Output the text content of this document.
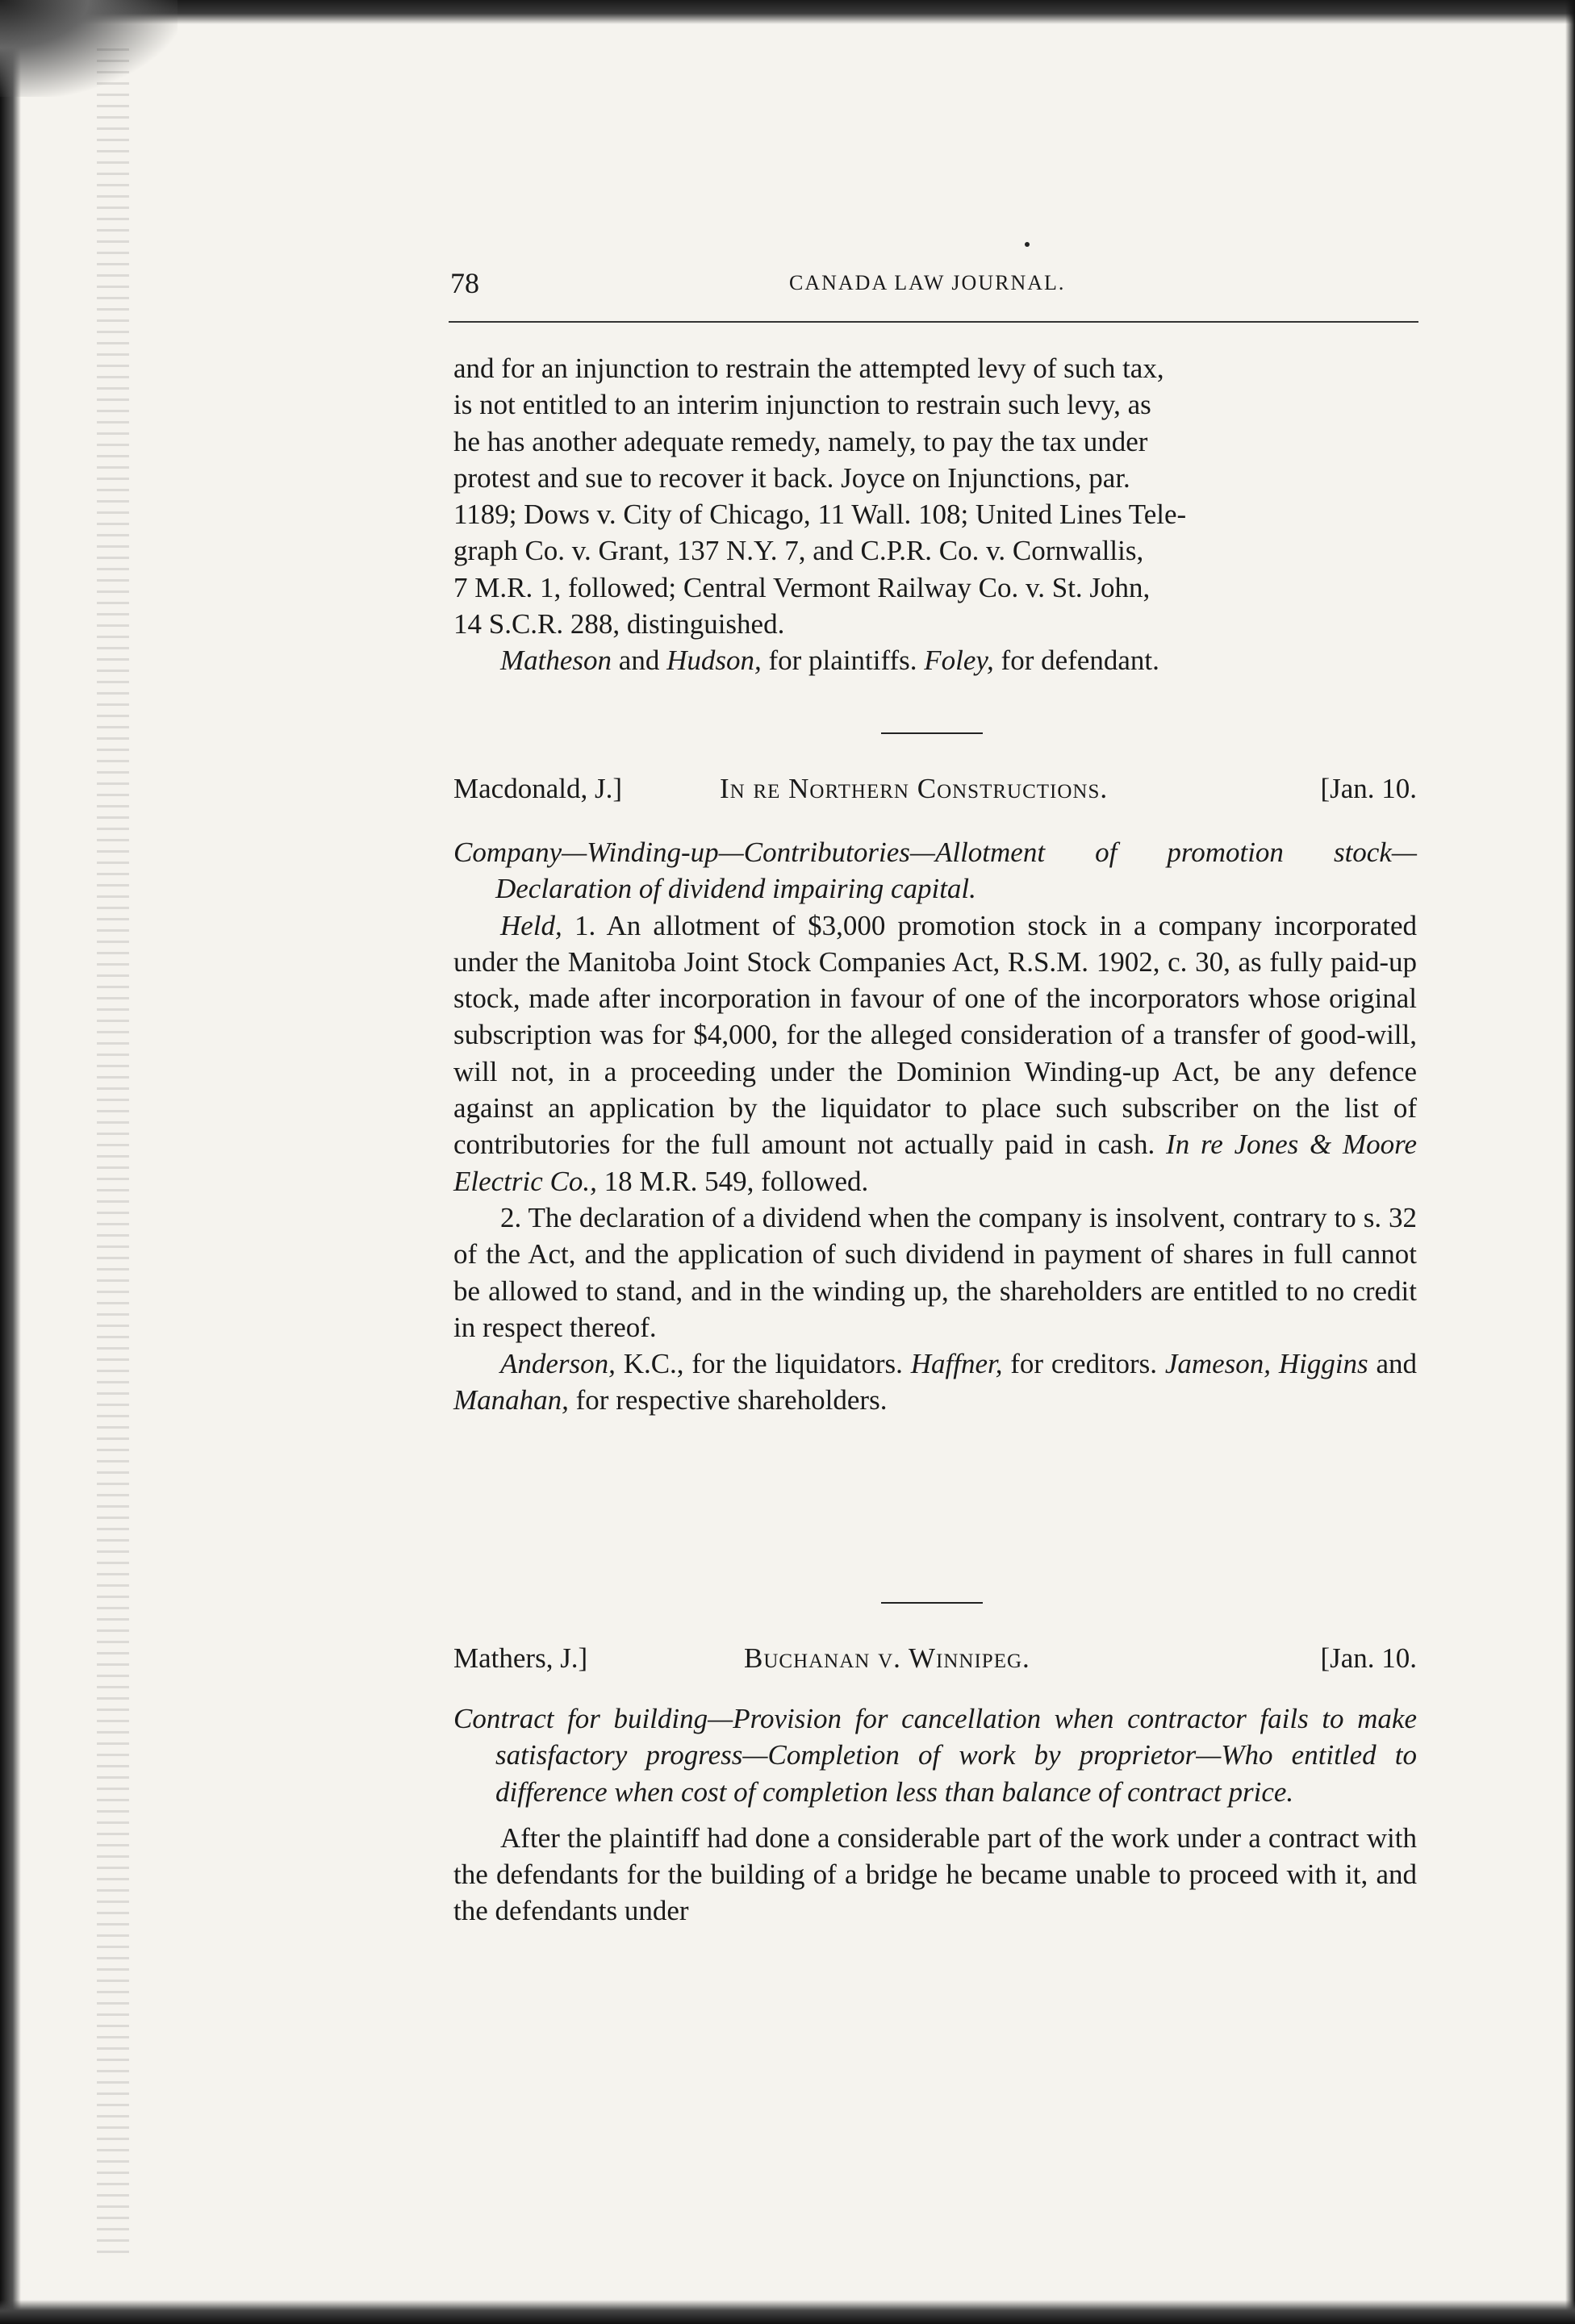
78	CANADA LAW JOURNAL.

and for an injunction to restrain the attempted levy of such tax,

is not entitled to an interim injunction to restrain such levy, as

he has another adequate remedy, namely, to pay the tax under

protest and sue to recover it back. Joyce on Injunctions, par.

1189; Dows v. City of Chicago, 11 Wall. 108; United Lines Tele-

graph Co. v. Grant, 137 N.Y. 7, and C.P.R. Co. v. Cornwallis,

7 M.R. 1, followed; Central Vermont Railway Co. v. St. John,

14 S.C.R. 288, distinguished.

Matheson and Hudson, for plaintiffs. Foley, for defendant.

Macdonald, J.]	In re Northern Constructions.	[Jan. 10.

Company—Winding-up—Contributories—Allotment of promotion stock—Declaration of dividend impairing capital.

Held, 1. An allotment of $3,000 promotion stock in a company incorporated under the Manitoba Joint Stock Companies Act, R.S.M. 1902, c. 30, as fully paid-up stock, made after incorporation in favour of one of the incorporators whose original subscription was for $4,000, for the alleged consideration of a transfer of good-will, will not, in a proceeding under the Dominion Winding-up Act, be any defence against an application by the liquidator to place such subscriber on the list of contributories for the full amount not actually paid in cash. In re Jones & Moore Electric Co., 18 M.R. 549, followed.

2. The declaration of a dividend when the company is insolvent, contrary to s. 32 of the Act, and the application of such dividend in payment of shares in full cannot be allowed to stand, and in the winding up, the shareholders are entitled to no credit in respect thereof.

Anderson, K.C., for the liquidators. Haffner, for creditors. Jameson, Higgins and Manahan, for respective shareholders.

Mathers, J.]	Buchanan v. Winnipeg.	[Jan. 10.

Contract for building—Provision for cancellation when contractor fails to make satisfactory progress—Completion of work by proprietor—Who entitled to difference when cost of completion less than balance of contract price.

After the plaintiff had done a considerable part of the work under a contract with the defendants for the building of a bridge he became unable to proceed with it, and the defendants under
